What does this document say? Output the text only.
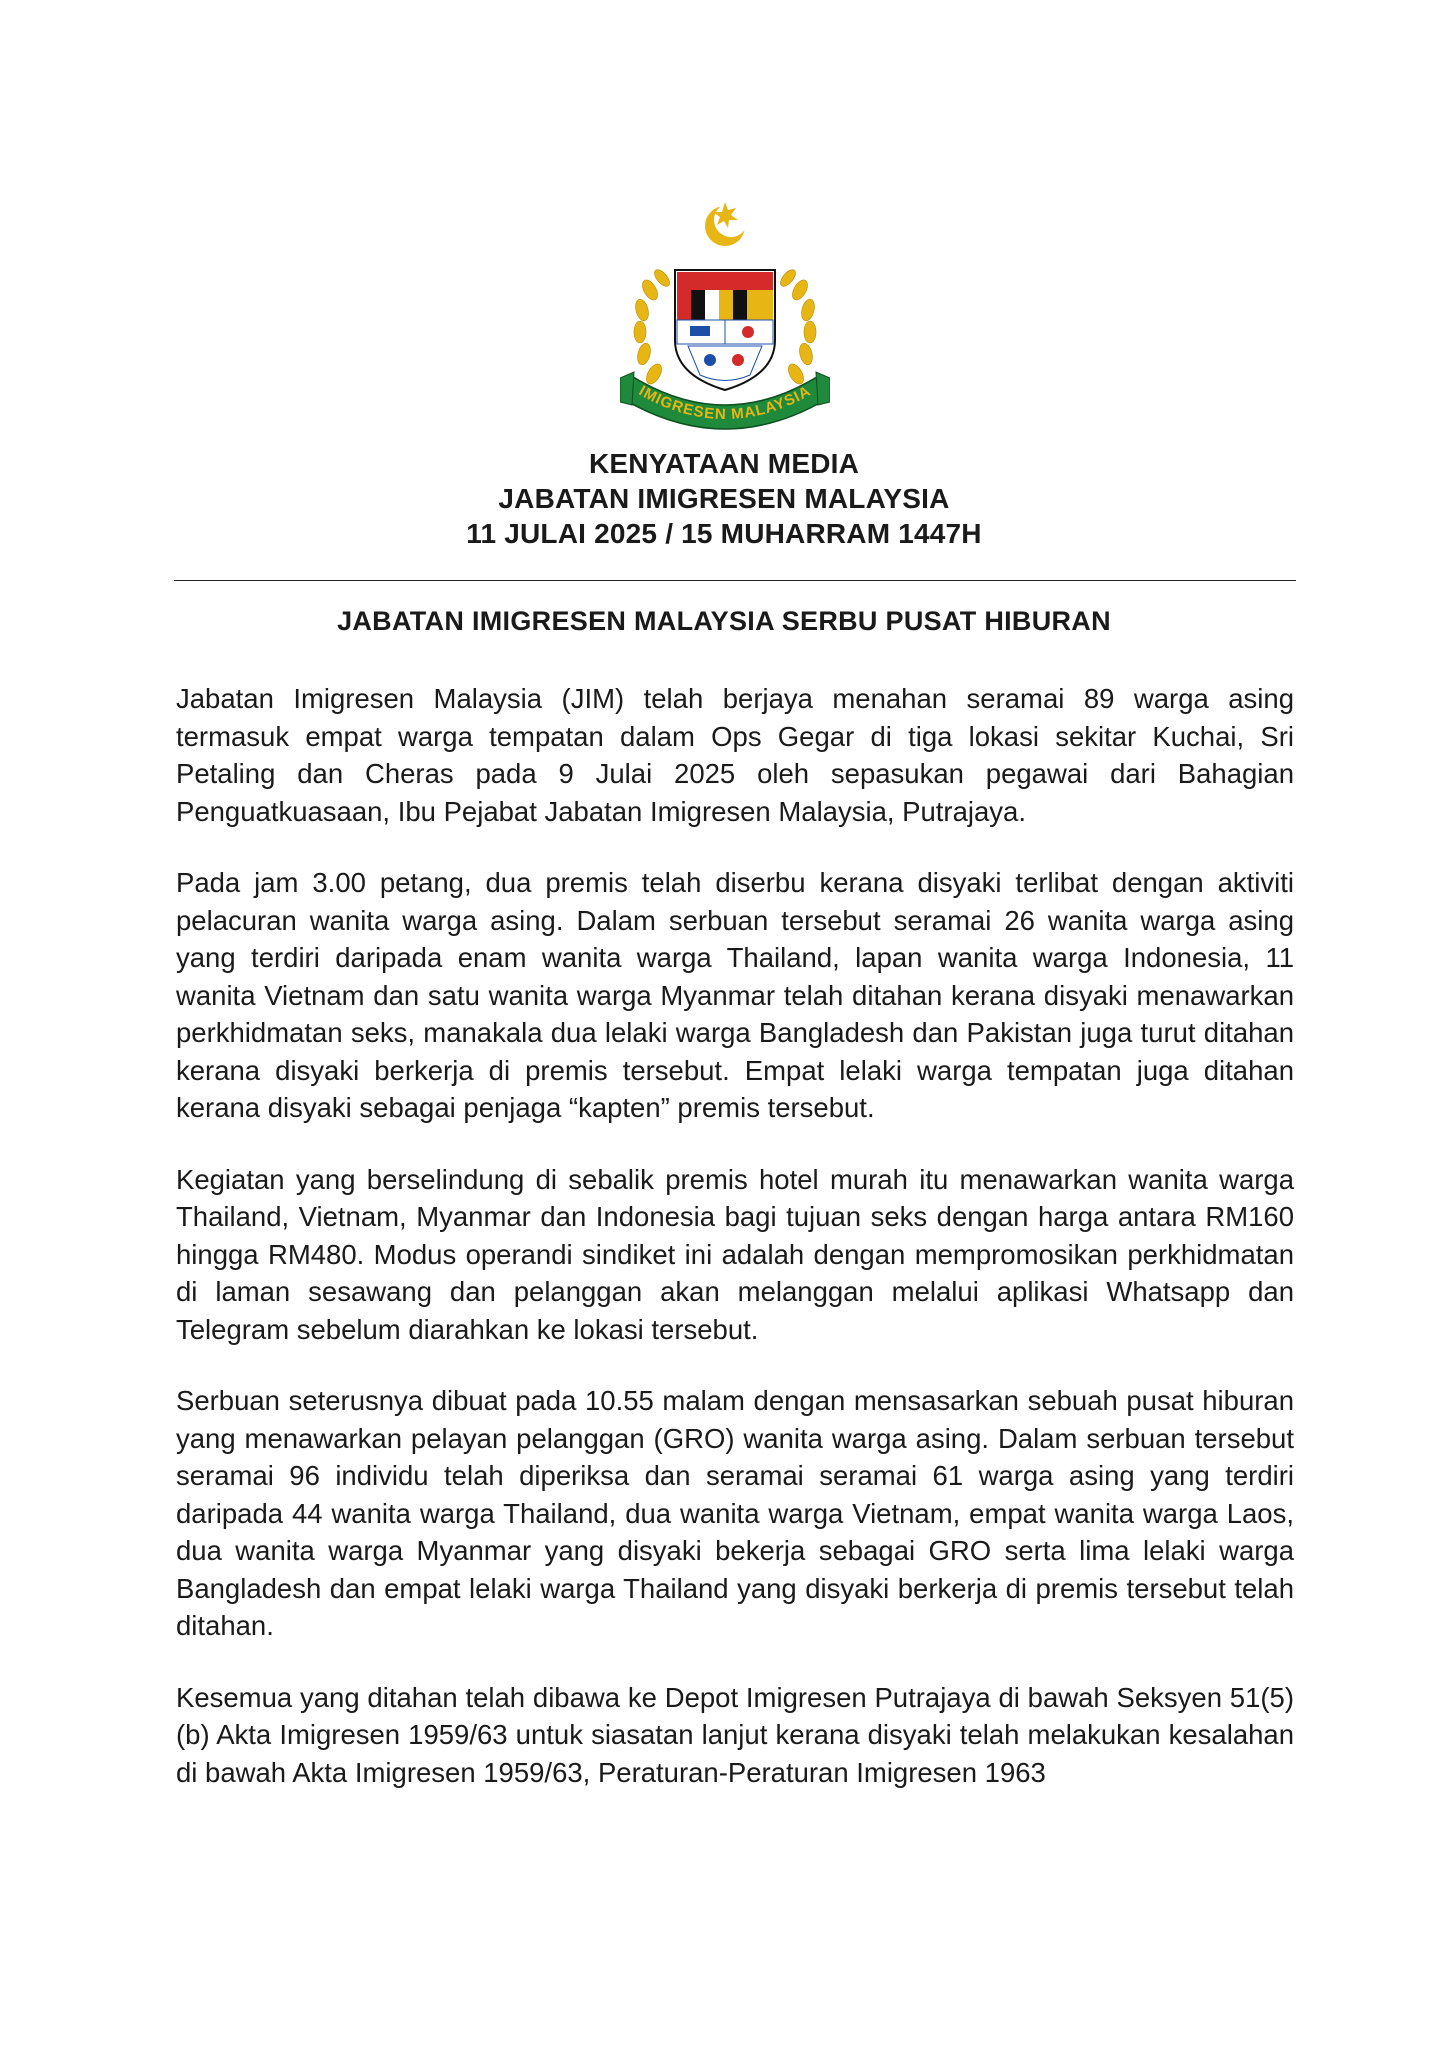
IMIGRESEN MALAYSIA
KENYATAAN MEDIA
JABATAN IMIGRESEN MALAYSIA
11 JULAI 2025 / 15 MUHARRAM 1447H
JABATAN IMIGRESEN MALAYSIA SERBU PUSAT HIBURAN

Jabatan Imigresen Malaysia (JIM) telah berjaya menahan seramai 89 warga asing termasuk empat warga tempatan dalam Ops Gegar di tiga lokasi sekitar Kuchai, Sri Petaling dan Cheras pada 9 Julai 2025 oleh sepasukan pegawai dari Bahagian Penguatkuasaan, Ibu Pejabat Jabatan Imigresen Malaysia, Putrajaya.

Pada jam 3.00 petang, dua premis telah diserbu kerana disyaki terlibat dengan aktiviti pelacuran wanita warga asing. Dalam serbuan tersebut seramai 26 wanita warga asing yang terdiri daripada enam wanita warga Thailand, lapan wanita warga Indonesia, 11 wanita Vietnam dan satu wanita warga Myanmar telah ditahan kerana disyaki menawarkan perkhidmatan seks, manakala dua lelaki warga Bangladesh dan Pakistan juga turut ditahan kerana disyaki berkerja di premis tersebut. Empat lelaki warga tempatan juga ditahan kerana disyaki sebagai penjaga “kapten” premis tersebut.

Kegiatan yang berselindung di sebalik premis hotel murah itu menawarkan wanita warga Thailand, Vietnam, Myanmar dan Indonesia bagi tujuan seks dengan harga antara RM160 hingga RM480. Modus operandi sindiket ini adalah dengan mempromosikan perkhidmatan di laman sesawang dan pelanggan akan melanggan melalui aplikasi Whatsapp dan Telegram sebelum diarahkan ke lokasi tersebut.

Serbuan seterusnya dibuat pada 10.55 malam dengan mensasarkan sebuah pusat hiburan yang menawarkan pelayan pelanggan (GRO) wanita warga asing. Dalam serbuan tersebut seramai 96 individu telah diperiksa dan seramai seramai 61 warga asing yang terdiri daripada 44 wanita warga Thailand, dua wanita warga Vietnam, empat wanita warga Laos, dua wanita warga Myanmar yang disyaki bekerja sebagai GRO serta lima lelaki warga Bangladesh dan empat lelaki warga Thailand yang disyaki berkerja di premis tersebut telah ditahan.

Kesemua yang ditahan telah dibawa ke Depot Imigresen Putrajaya di bawah Seksyen 51(5)(b) Akta Imigresen 1959/63 untuk siasatan lanjut kerana disyaki telah melakukan kesalahan di bawah Akta Imigresen 1959/63, Peraturan-Peraturan Imigresen 1963
